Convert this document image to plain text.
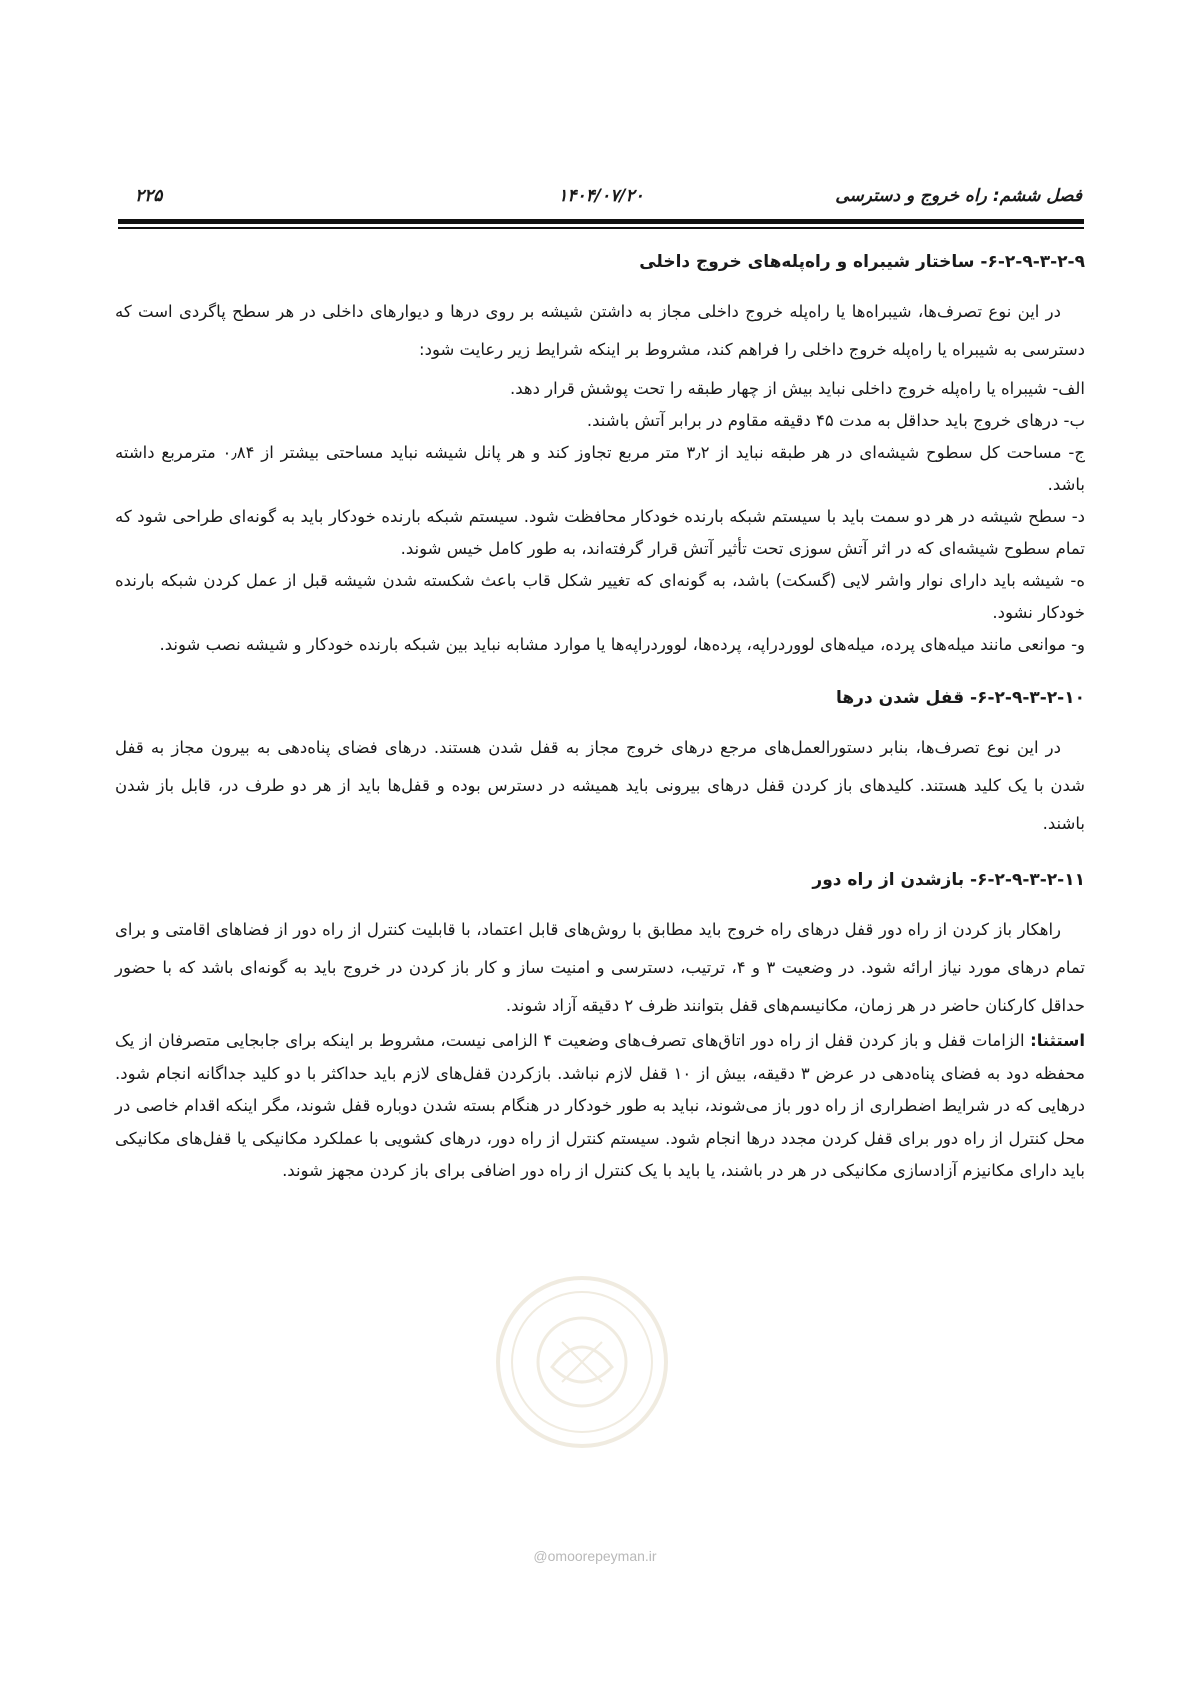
فصل ششم: راه خروج و دسترسی
۱۴۰۴/۰۷/۲۰
۲۲۵

۶-۲-۹-۳-۲-۹- ساختار شیبراه و راه‌پله‌های خروج داخلی

در این نوع تصرف‌ها، شیبراه‌ها یا راه‌پله خروج داخلی مجاز به داشتن شیشه بر روی درها و دیوارهای داخلی در هر سطح پاگردی است که دسترسی به شیبراه یا راه‌پله خروج داخلی را فراهم کند، مشروط بر اینکه شرایط زیر رعایت شود:

الف- شیبراه یا راه‌پله خروج داخلی نباید بیش از چهار طبقه را تحت پوشش قرار دهد.

ب- درهای خروج باید حداقل به مدت ۴۵ دقیقه مقاوم در برابر آتش باشند.

ج- مساحت کل سطوح شیشه‌ای در هر طبقه نباید از ۳٫۲ متر مربع تجاوز کند و هر پانل شیشه نباید مساحتی بیشتر از ۰٫۸۴ مترمربع داشته باشد.

د- سطح شیشه در هر دو سمت باید با سیستم شبکه بارنده خودکار محافظت شود. سیستم شبکه بارنده خودکار باید به گونه‌ای طراحی شود که تمام سطوح شیشه‌ای که در اثر آتش سوزی تحت تأثیر آتش قرار گرفته‌اند، به طور کامل خیس شوند.

ه- شیشه باید دارای نوار واشر لایی (گسکت) باشد، به گونه‌ای که تغییر شکل قاب باعث شکسته شدن شیشه قبل از عمل کردن شبکه بارنده خودکار نشود.

و- موانعی مانند میله‌های پرده، میله‌های لووردراپه، پرده‌ها، لووردراپه‌ها یا موارد مشابه نباید بین شبکه بارنده خودکار و شیشه نصب شوند.

۶-۲-۹-۳-۲-۱۰- قفل شدن درها

در این نوع تصرف‌ها، بنابر دستورالعمل‌های مرجع درهای خروج مجاز به قفل شدن هستند. درهای فضای پناه‌دهی به بیرون مجاز به قفل شدن با یک کلید هستند. کلیدهای باز کردن قفل درهای بیرونی باید همیشه در دسترس بوده و قفل‌ها باید از هر دو طرف در، قابل باز شدن باشند.

۶-۲-۹-۳-۲-۱۱- بازشدن از راه دور

راهکار باز کردن از راه دور قفل درهای راه خروج باید مطابق با روش‌های قابل اعتماد، با قابلیت کنترل از راه دور از فضاهای اقامتی و برای تمام درهای مورد نیاز ارائه شود. در وضعیت ۳ و ۴، ترتیب، دسترسی و امنیت ساز و کار باز کردن در خروج باید به گونه‌ای باشد که با حضور حداقل کارکنان حاضر در هر زمان، مکانیسم‌های قفل بتوانند ظرف ۲ دقیقه آزاد شوند.

استثنا: الزامات قفل و باز کردن قفل از راه دور اتاق‌های تصرف‌های وضعیت ۴ الزامی نیست، مشروط بر اینکه برای جابجایی متصرفان از یک محفظه دود به فضای پناه‌دهی در عرض ۳ دقیقه، بیش از ۱۰ قفل لازم نباشد. بازکردن قفل‌های لازم باید حداکثر با دو کلید جداگانه انجام شود. درهایی که در شرایط اضطراری از راه دور باز می‌شوند، نباید به طور خودکار در هنگام بسته شدن دوباره قفل شوند، مگر اینکه اقدام خاصی در محل کنترل از راه دور برای قفل کردن مجدد درها انجام شود. سیستم کنترل از راه دور، درهای کشویی با عملکرد مکانیکی یا قفل‌های مکانیکی باید دارای مکانیزم آزادسازی مکانیکی در هر در باشند، یا باید با یک کنترل از راه دور اضافی برای باز کردن مجهز شوند.

@omoorepeyman.ir
